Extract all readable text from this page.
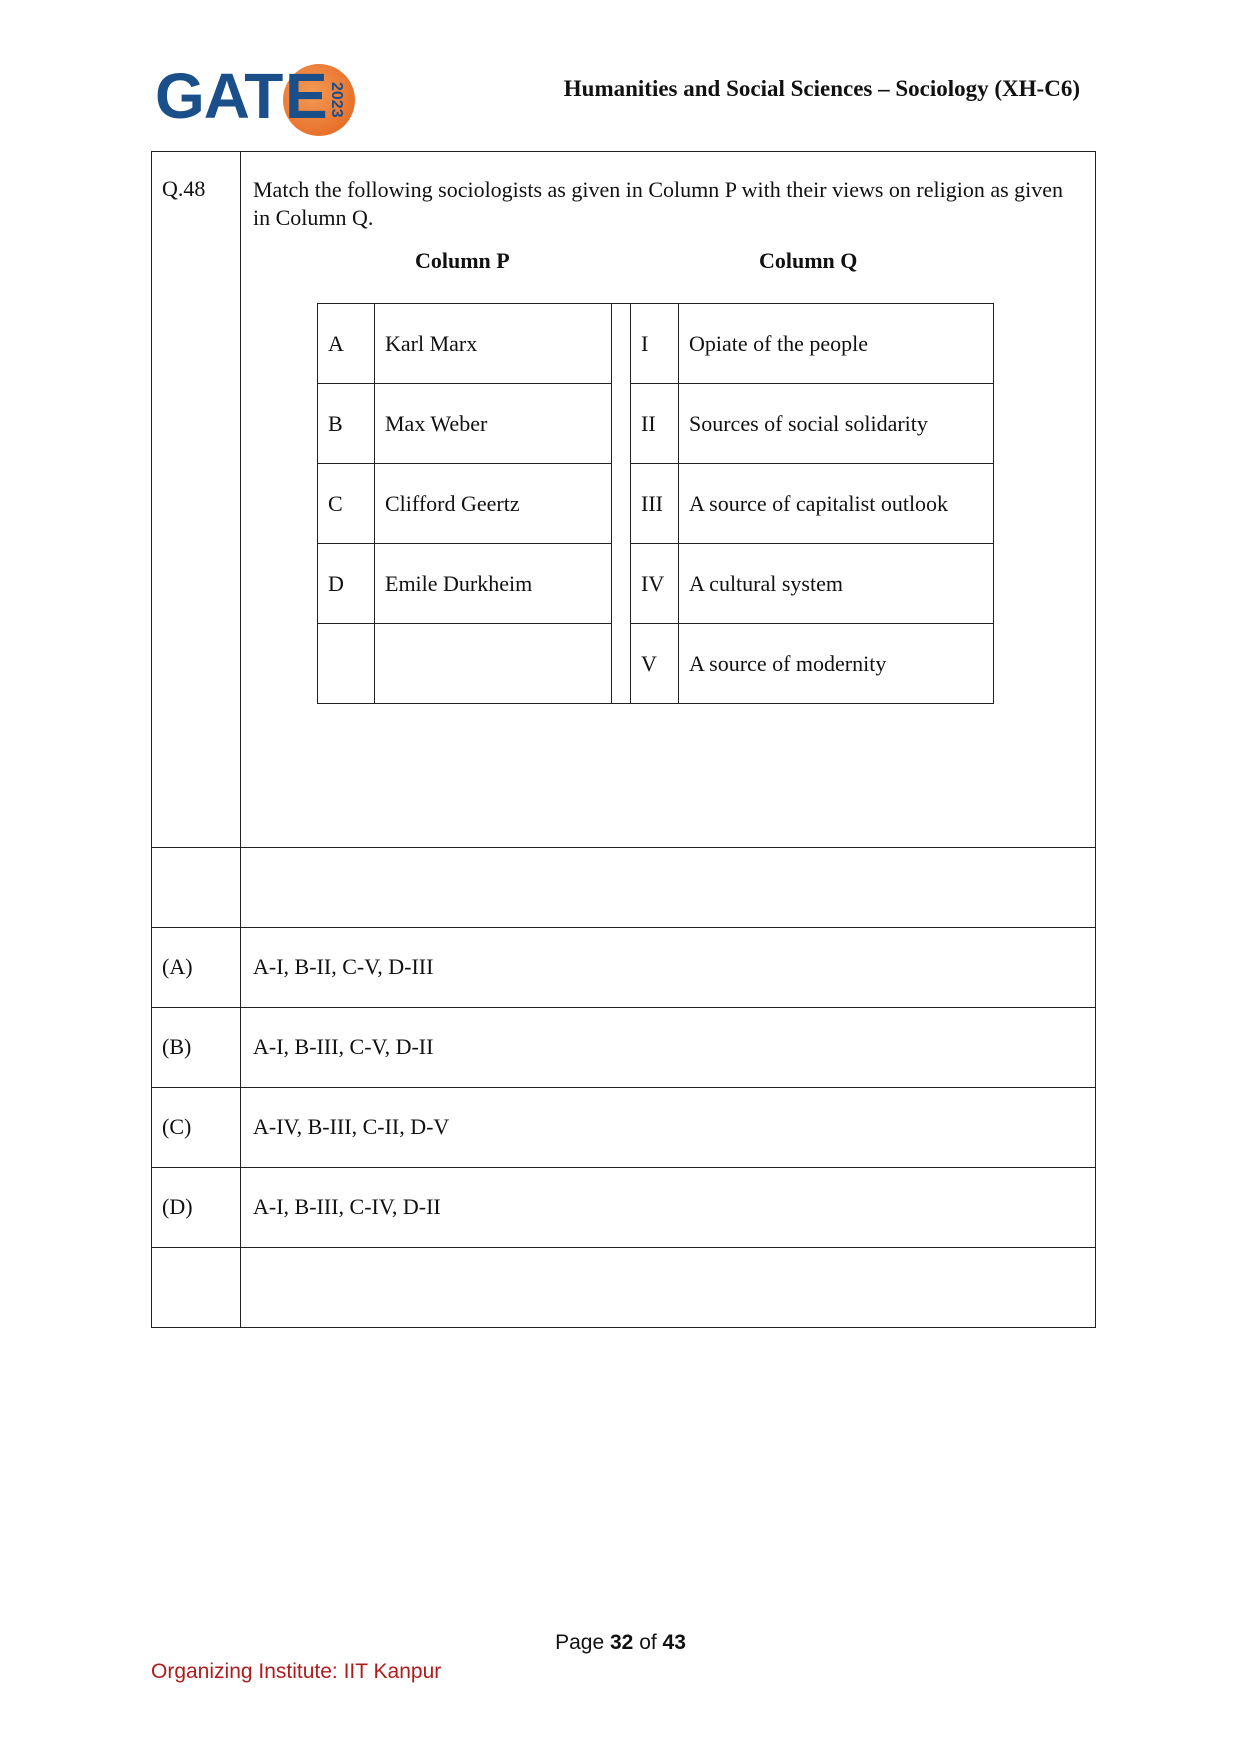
GAT E 2023	Humanities and Social Sciences – Sociology (XH-C6)
Q.48	Match the following sociologists as given in Column P with their views on religion as given in Column Q.
Column P	Column Q
A	Karl Marx		I	Opiate of the people
B	Max Weber	II	Sources of social solidarity
C	Clifford Geertz	III	A source of capitalist outlook
D	Emile Durkheim	IV	A cultural system
		V	A source of modernity

(A)	A-I, B-II, C-V, D-III
(B)	A-I, B-III, C-V, D-II
(C)	A-IV, B-III, C-II, D-V
(D)	A-I, B-III, C-IV, D-II

Page 32 of 43
Organizing Institute: IIT Kanpur
